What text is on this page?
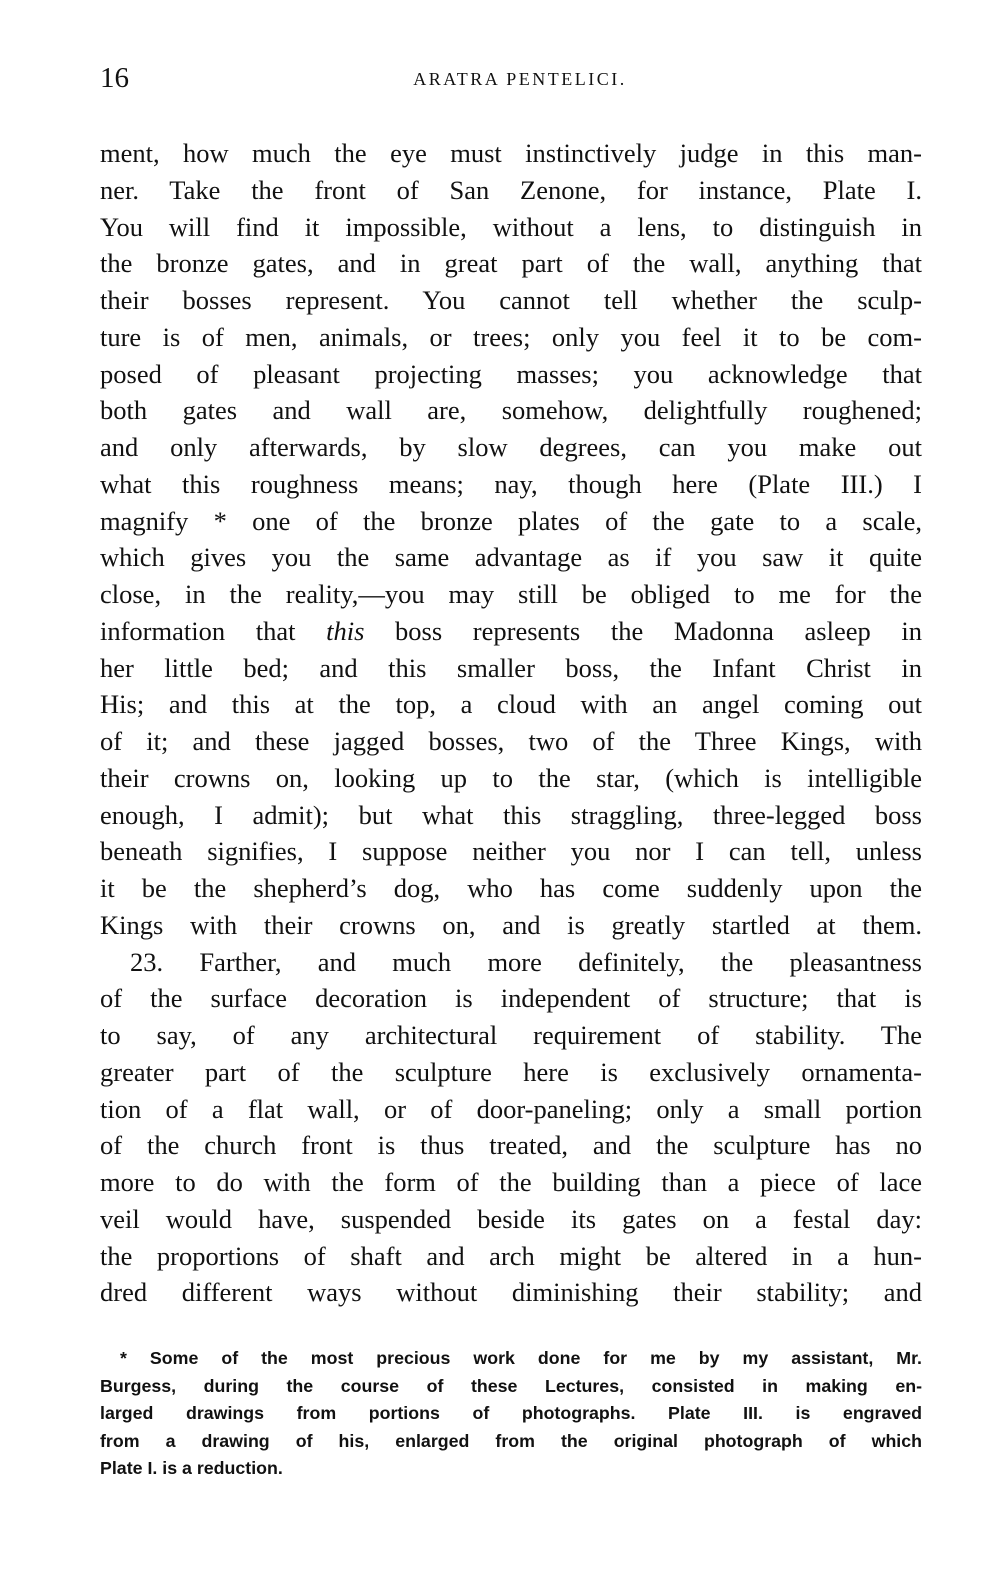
16	ARATRA PENTELICI.
ment, how much the eye must instinctively judge in this man-
ner. Take the front of San Zenone, for instance, Plate I.
You will find it impossible, without a lens, to distinguish in
the bronze gates, and in great part of the wall, anything that
their bosses represent. You cannot tell whether the sculp-
ture is of men, animals, or trees; only you feel it to be com-
posed of pleasant projecting masses; you acknowledge that
both gates and wall are, somehow, delightfully roughened;
and only afterwards, by slow degrees, can you make out
what this roughness means; nay, though here (Plate III.) I
magnify * one of the bronze plates of the gate to a scale,
which gives you the same advantage as if you saw it quite
close, in the reality,—you may still be obliged to me for the
information that this boss represents the Madonna asleep in
her little bed; and this smaller boss, the Infant Christ in
His; and this at the top, a cloud with an angel coming out
of it; and these jagged bosses, two of the Three Kings, with
their crowns on, looking up to the star, (which is intelligible
enough, I admit); but what this straggling, three-legged boss
beneath signifies, I suppose neither you nor I can tell, unless
it be the shepherd’s dog, who has come suddenly upon the
Kings with their crowns on, and is greatly startled at them.
23. Farther, and much more definitely, the pleasantness
of the surface decoration is independent of structure; that is
to say, of any architectural requirement of stability. The
greater part of the sculpture here is exclusively ornamenta-
tion of a flat wall, or of door-paneling; only a small portion
of the church front is thus treated, and the sculpture has no
more to do with the form of the building than a piece of lace
veil would have, suspended beside its gates on a festal day:
the proportions of shaft and arch might be altered in a hun-
dred different ways without diminishing their stability; and
* Some of the most precious work done for me by my assistant, Mr.
Burgess, during the course of these Lectures, consisted in making en-
larged drawings from portions of photographs. Plate III. is engraved
from a drawing of his, enlarged from the original photograph of which
Plate I. is a reduction.
